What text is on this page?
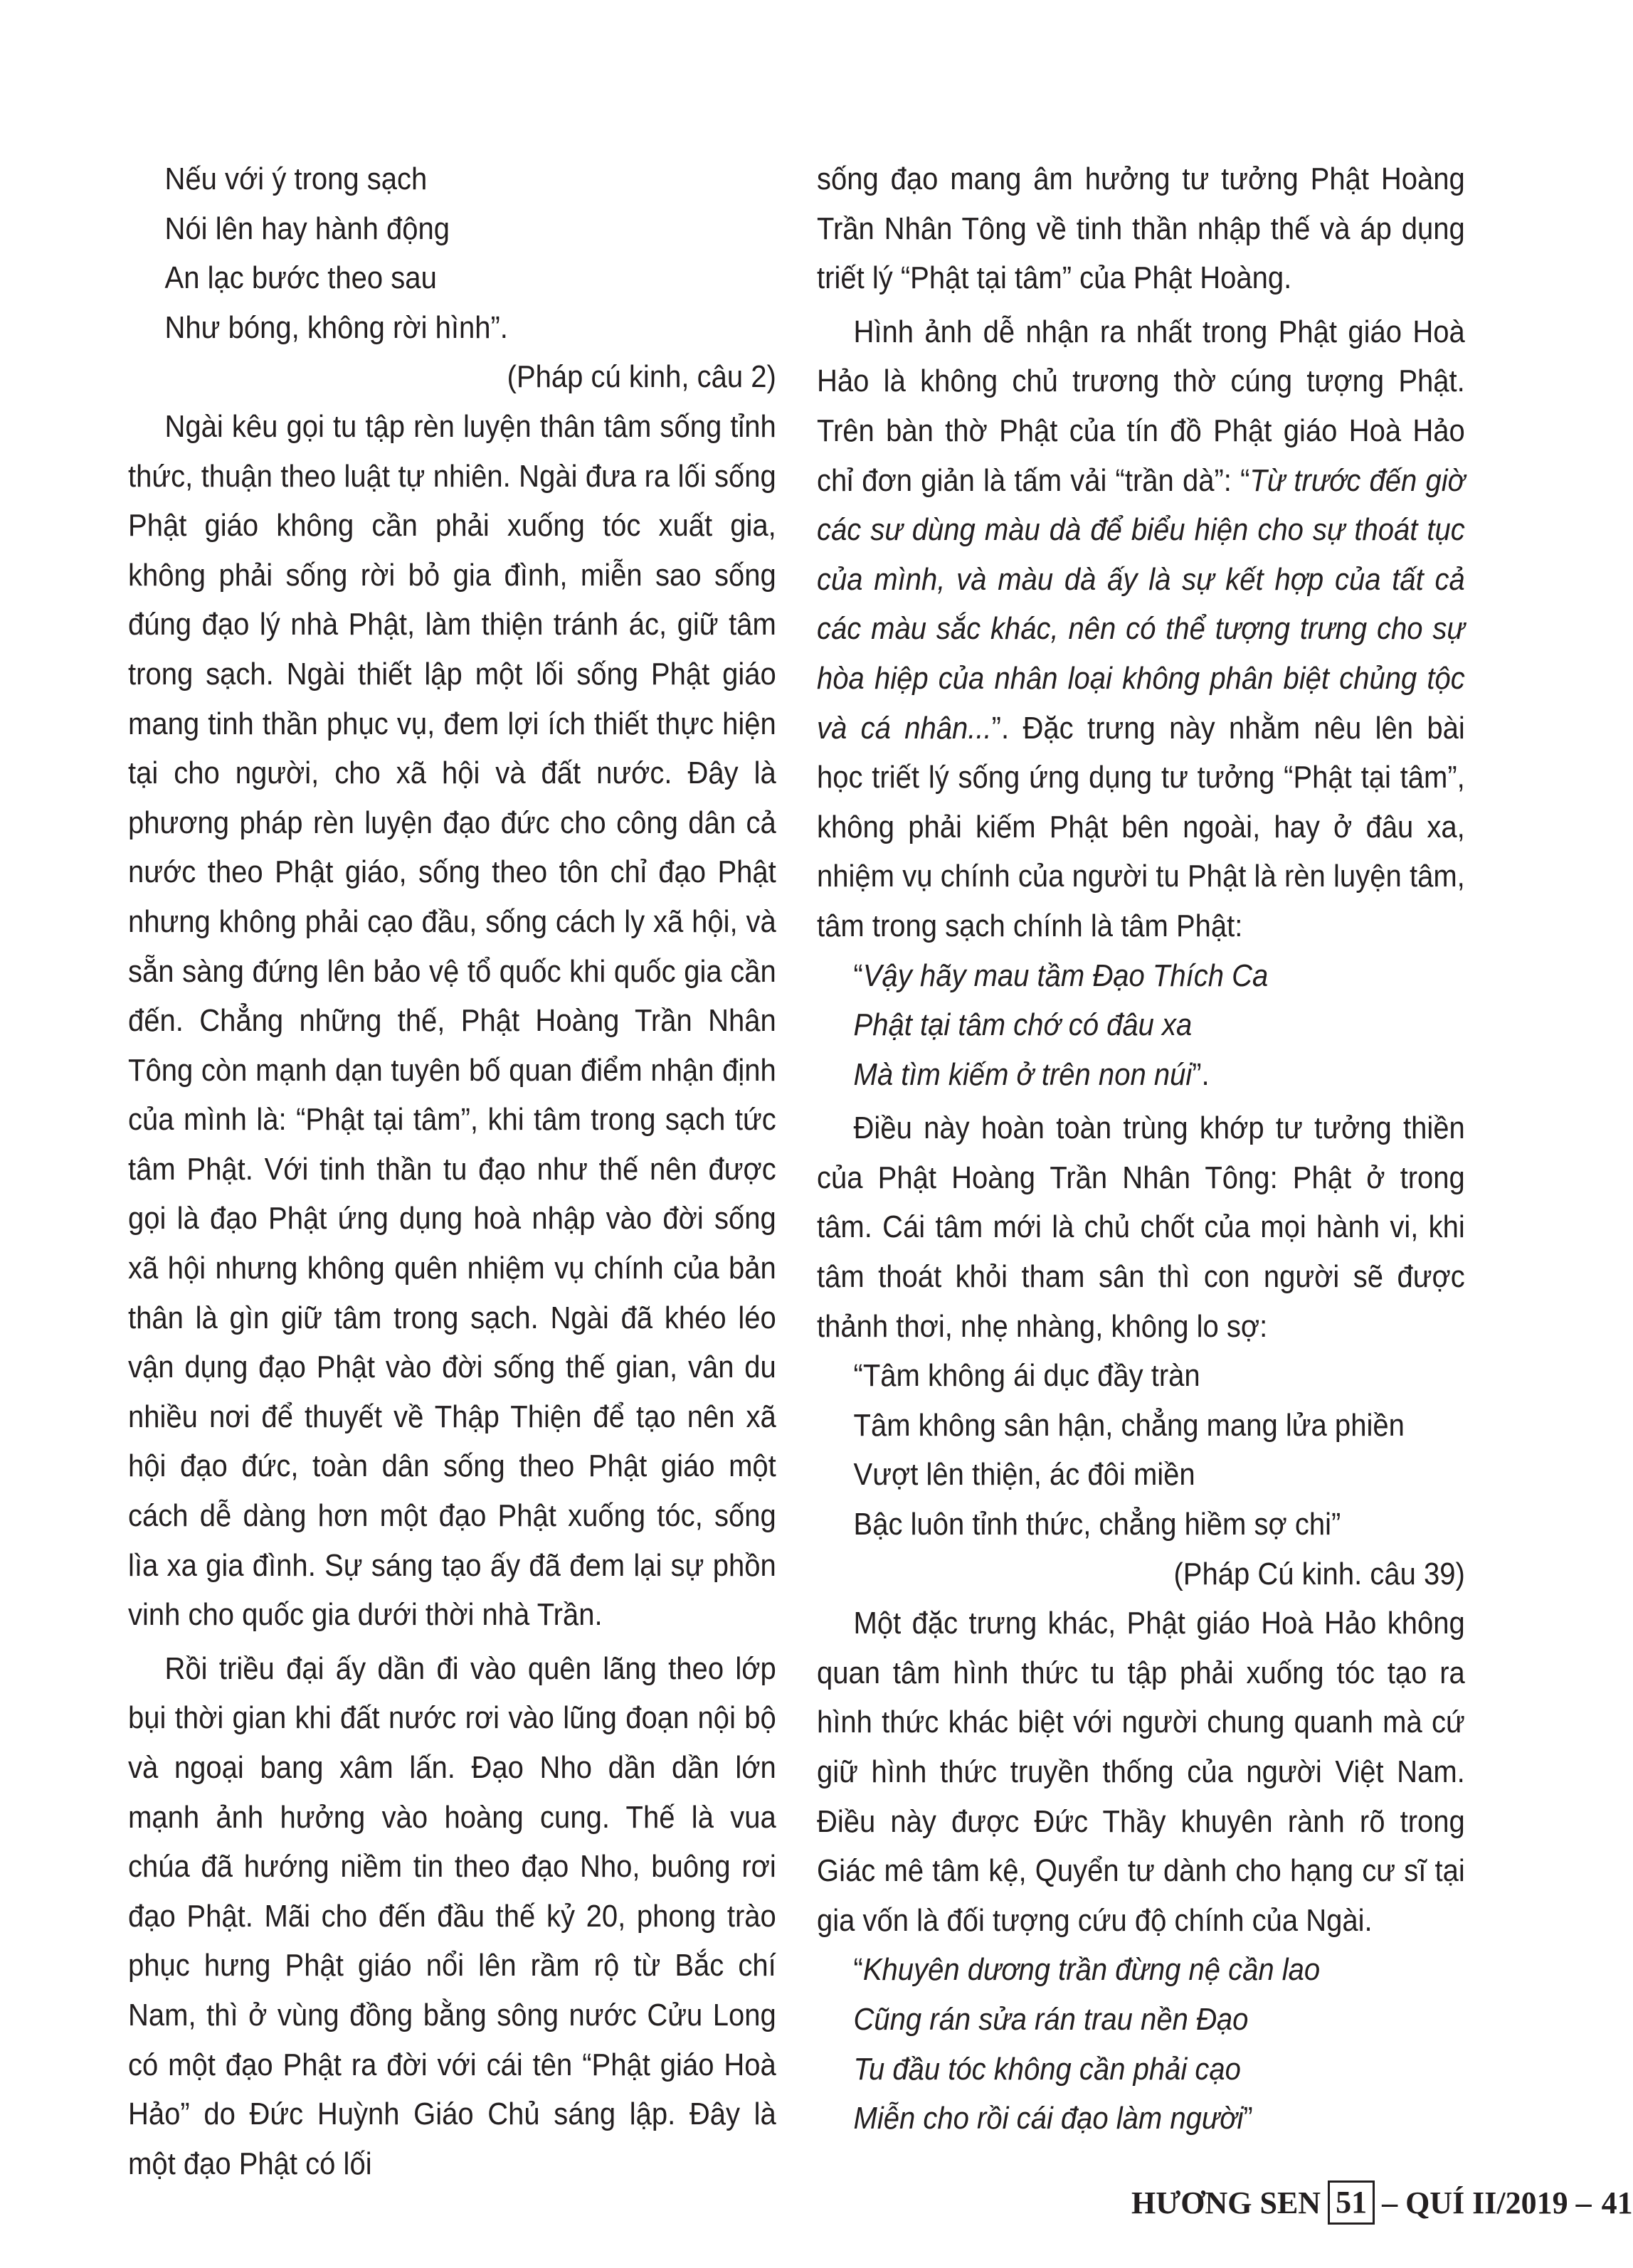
Nếu với ý trong sạch

Nói lên hay hành động

An lạc bước theo sau

Như bóng, không rời hình”.

(Pháp cú kinh, câu 2)

Ngài kêu gọi tu tập rèn luyện thân tâm sống tỉnh thức, thuận theo luật tự nhiên. Ngài đưa ra lối sống Phật giáo không cần phải xuống tóc xuất gia, không phải sống rời bỏ gia đình, miễn sao sống đúng đạo lý nhà Phật, làm thiện tránh ác, giữ tâm trong sạch. Ngài thiết lập một lối sống Phật giáo mang tinh thần phục vụ, đem lợi ích thiết thực hiện tại cho người, cho xã hội và đất nước. Đây là phương pháp rèn luyện đạo đức cho công dân cả nước theo Phật giáo, sống theo tôn chỉ đạo Phật nhưng không phải cạo đầu, sống cách ly xã hội, và sẵn sàng đứng lên bảo vệ tổ quốc khi quốc gia cần đến. Chẳng những thế, Phật Hoàng Trần Nhân Tông còn mạnh dạn tuyên bố quan điểm nhận định của mình là: “Phật tại tâm”, khi tâm trong sạch tức tâm Phật. Với tinh thần tu đạo như thế nên được gọi là đạo Phật ứng dụng hoà nhập vào đời sống xã hội nhưng không quên nhiệm vụ chính của bản thân là gìn giữ tâm trong sạch. Ngài đã khéo léo vận dụng đạo Phật vào đời sống thế gian, vân du nhiều nơi để thuyết về Thập Thiện để tạo nên xã hội đạo đức, toàn dân sống theo Phật giáo một cách dễ dàng hơn một đạo Phật xuống tóc, sống lìa xa gia đình. Sự sáng tạo ấy đã đem lại sự phồn vinh cho quốc gia dưới thời nhà Trần.

Rồi triều đại ấy dần đi vào quên lãng theo lớp bụi thời gian khi đất nước rơi vào lũng đoạn nội bộ và ngoại bang xâm lấn. Đạo Nho dần dần lớn mạnh ảnh hưởng vào hoàng cung. Thế là vua chúa đã hướng niềm tin theo đạo Nho, buông rơi đạo Phật. Mãi cho đến đầu thế kỷ 20, phong trào phục hưng Phật giáo nổi lên rầm rộ từ Bắc chí Nam, thì ở vùng đồng bằng sông nước Cửu Long có một đạo Phật ra đời với cái tên “Phật giáo Hoà Hảo” do Đức Huỳnh Giáo Chủ sáng lập. Đây là một đạo Phật có lối

sống đạo mang âm hưởng tư tưởng Phật Hoàng Trần Nhân Tông về tinh thần nhập thế và áp dụng triết lý “Phật tại tâm” của Phật Hoàng.

Hình ảnh dễ nhận ra nhất trong Phật giáo Hoà Hảo là không chủ trương thờ cúng tượng Phật. Trên bàn thờ Phật của tín đồ Phật giáo Hoà Hảo chỉ đơn giản là tấm vải “trần dà”: “Từ trước đến giờ các sư dùng màu dà để biểu hiện cho sự thoát tục của mình, và màu dà ấy là sự kết hợp của tất cả các màu sắc khác, nên có thể tượng trưng cho sự hòa hiệp của nhân loại không phân biệt chủng tộc và cá nhân...”. Đặc trưng này nhằm nêu lên bài học triết lý sống ứng dụng tư tưởng “Phật tại tâm”, không phải kiếm Phật bên ngoài, hay ở đâu xa, nhiệm vụ chính của người tu Phật là rèn luyện tâm, tâm trong sạch chính là tâm Phật:

“Vậy hãy mau tầm Đạo Thích Ca

Phật tại tâm chớ có đâu xa

Mà tìm kiếm ở trên non núi”.

Điều này hoàn toàn trùng khớp tư tưởng thiền của Phật Hoàng Trần Nhân Tông: Phật ở trong tâm. Cái tâm mới là chủ chốt của mọi hành vi, khi tâm thoát khỏi tham sân thì con người sẽ được thảnh thơi, nhẹ nhàng, không lo sợ:

“Tâm không ái dục đầy tràn

Tâm không sân hận, chẳng mang lửa phiền

Vượt lên thiện, ác đôi miền

Bậc luôn tỉnh thức, chẳng hiềm sợ chi”

(Pháp Cú kinh. câu 39)

Một đặc trưng khác, Phật giáo Hoà Hảo không quan tâm hình thức tu tập phải xuống tóc tạo ra hình thức khác biệt với người chung quanh mà cứ giữ hình thức truyền thống của người Việt Nam. Điều này được Đức Thầy khuyên rành rõ trong Giác mê tâm kệ, Quyển tư dành cho hạng cư sĩ tại gia vốn là đối tượng cứu độ chính của Ngài.

“Khuyên dương trần đừng nệ cần lao

Cũng rán sửa rán trau nền Đạo

Tu đầu tóc không cần phải cạo

Miễn cho rồi cái đạo làm người”

HƯƠNG SEN 51 – QUÍ II/2019 – 41
